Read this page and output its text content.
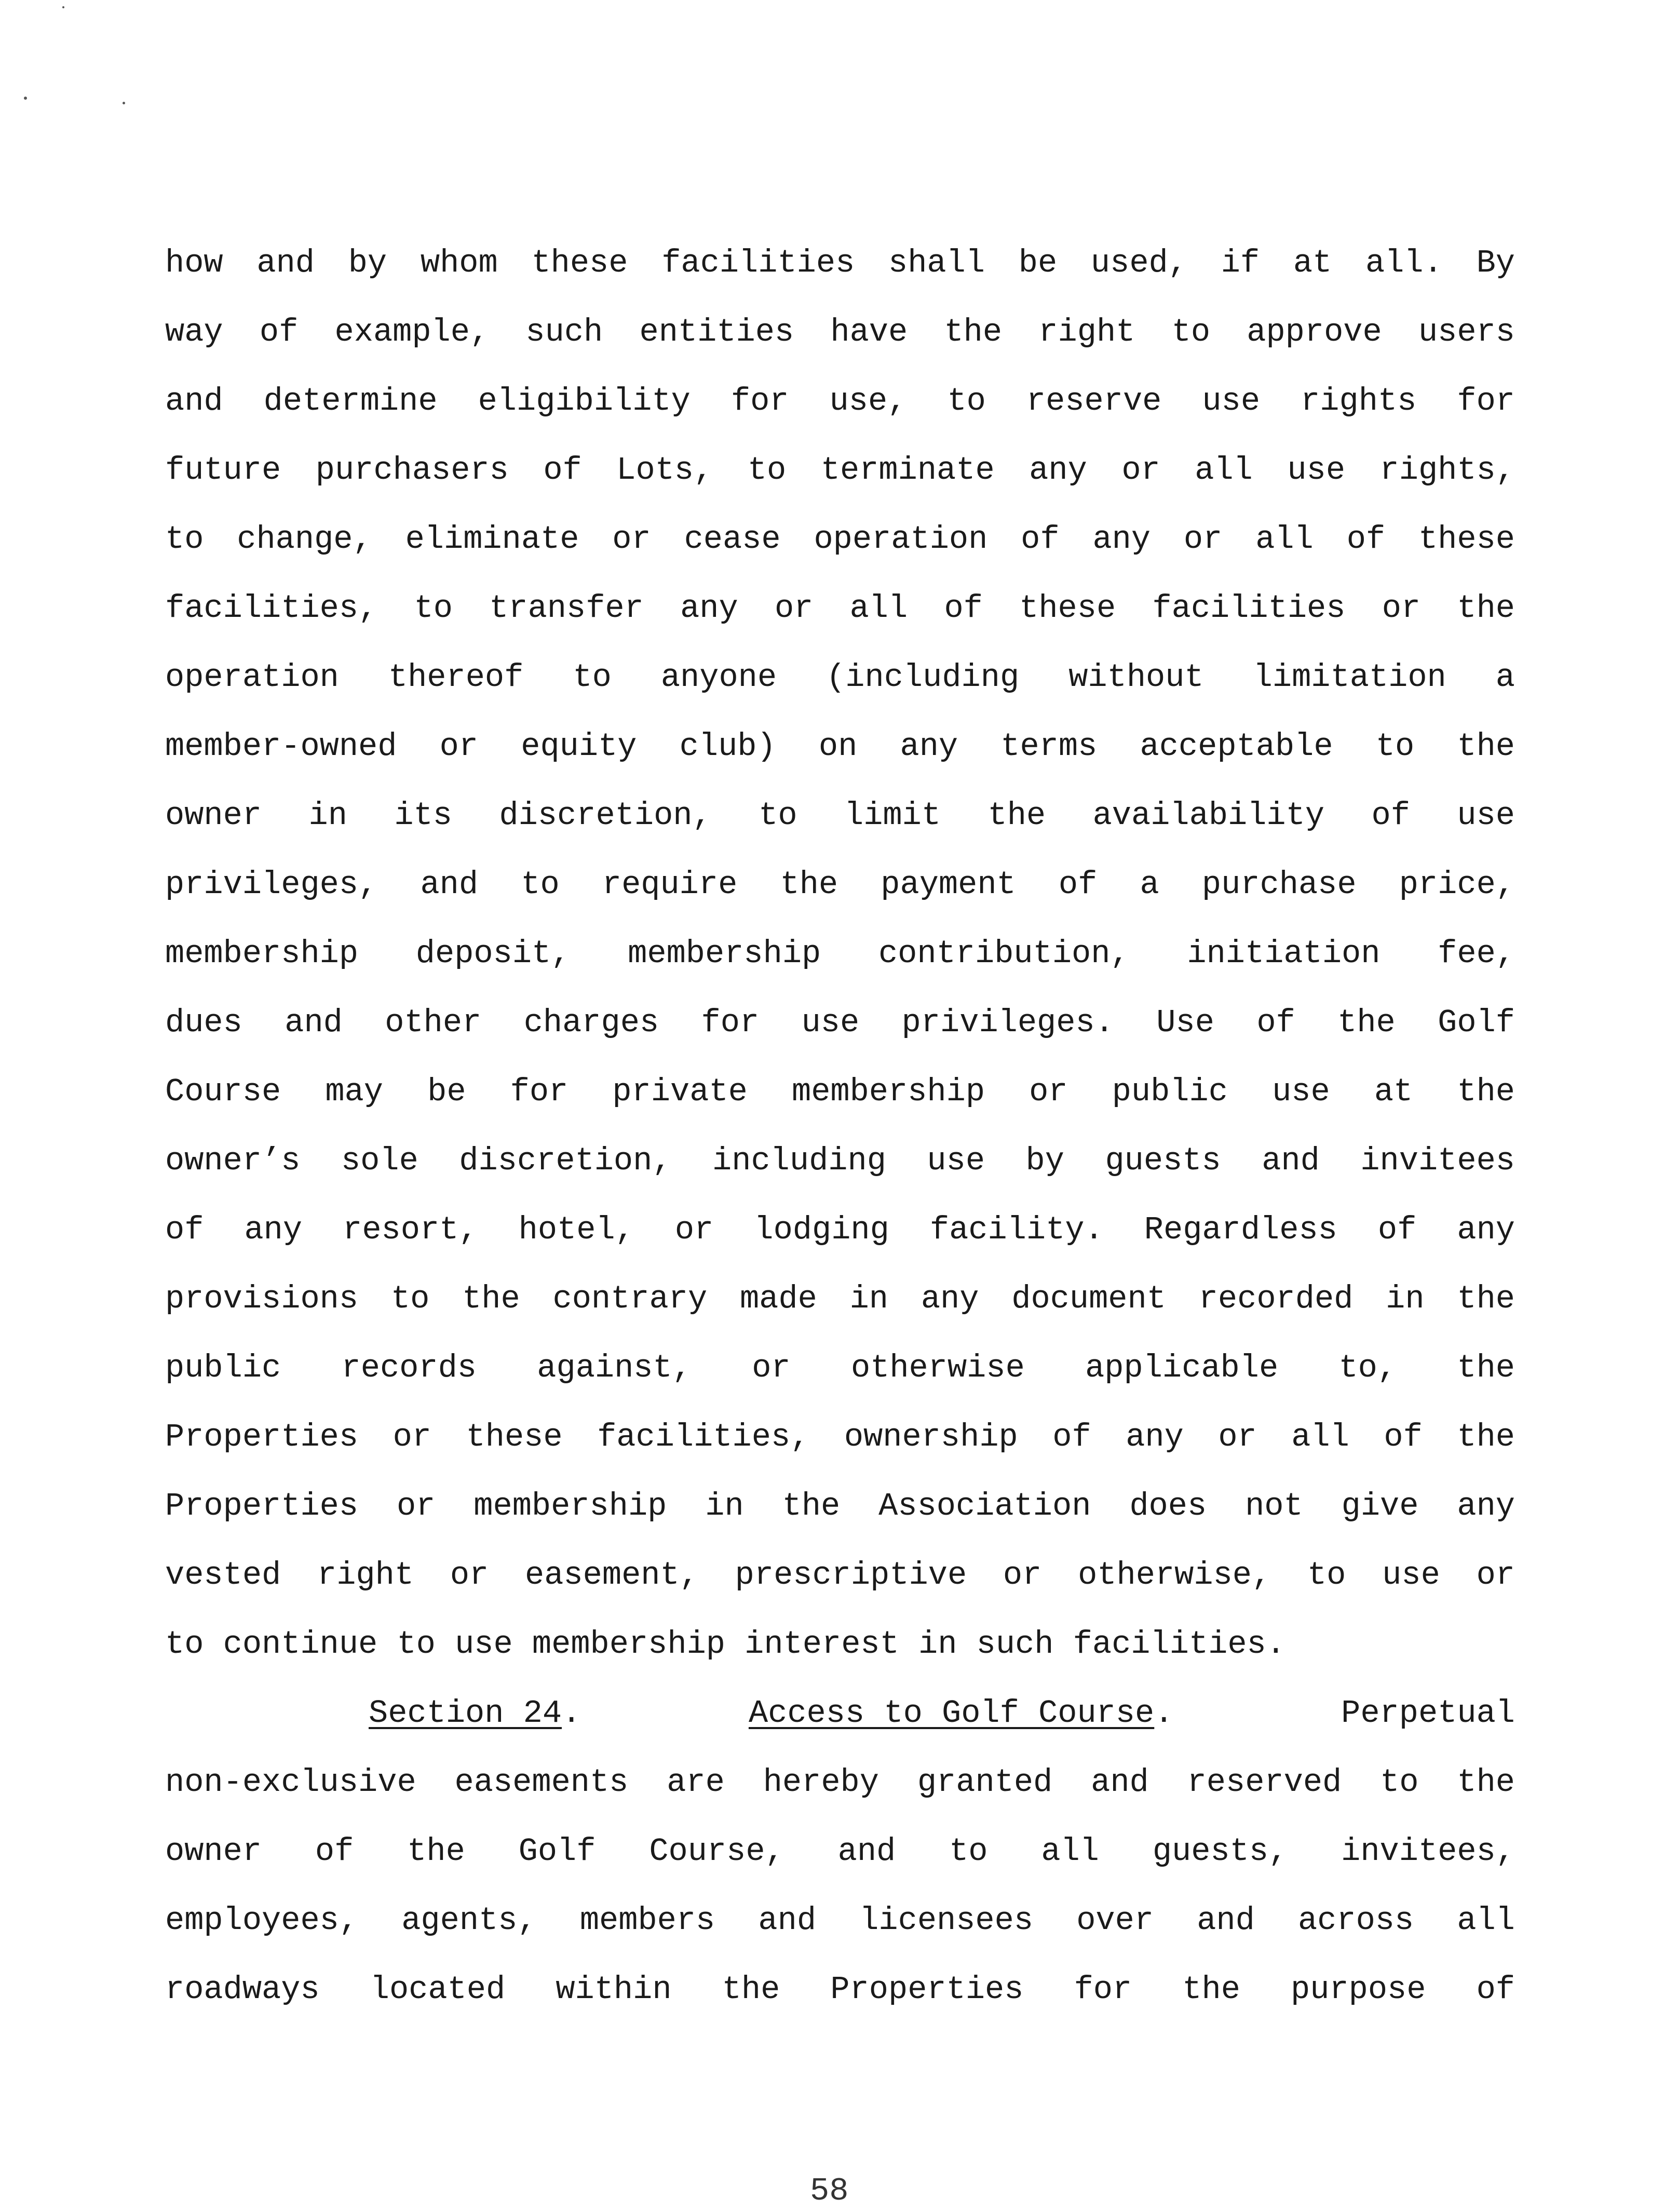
how and by whom these facilities shall be used, if at all. By
way of example, such entities have the right to approve users
and determine eligibility for use, to reserve use rights for
future purchasers of Lots, to terminate any or all use rights,
to change, eliminate or cease operation of any or all of these
facilities, to transfer any or all of these facilities or the
operation thereof to anyone (including without limitation a
member-owned or equity club) on any terms acceptable to the
owner in its discretion, to limit the availability of use
privileges, and to require the payment of a purchase price,
membership deposit, membership contribution, initiation fee,
dues and other charges for use privileges. Use of the Golf
Course may be for private membership or public use at the
owner’s sole discretion, including use by guests and invitees
of any resort, hotel, or lodging facility. Regardless of any
provisions to the contrary made in any document recorded in the
public records against, or otherwise applicable to, the
Properties or these facilities, ownership of any or all of the
Properties or membership in the Association does not give any
vested right or easement, prescriptive or otherwise, to use or
to continue to use membership interest in such facilities.
Section 24.	Access to Golf Course.	Perpetual
non-exclusive easements are hereby granted and reserved to the
owner of the Golf Course, and to all guests, invitees,
employees, agents, members and licensees over and across all
roadways located within the Properties for the purpose of
58
